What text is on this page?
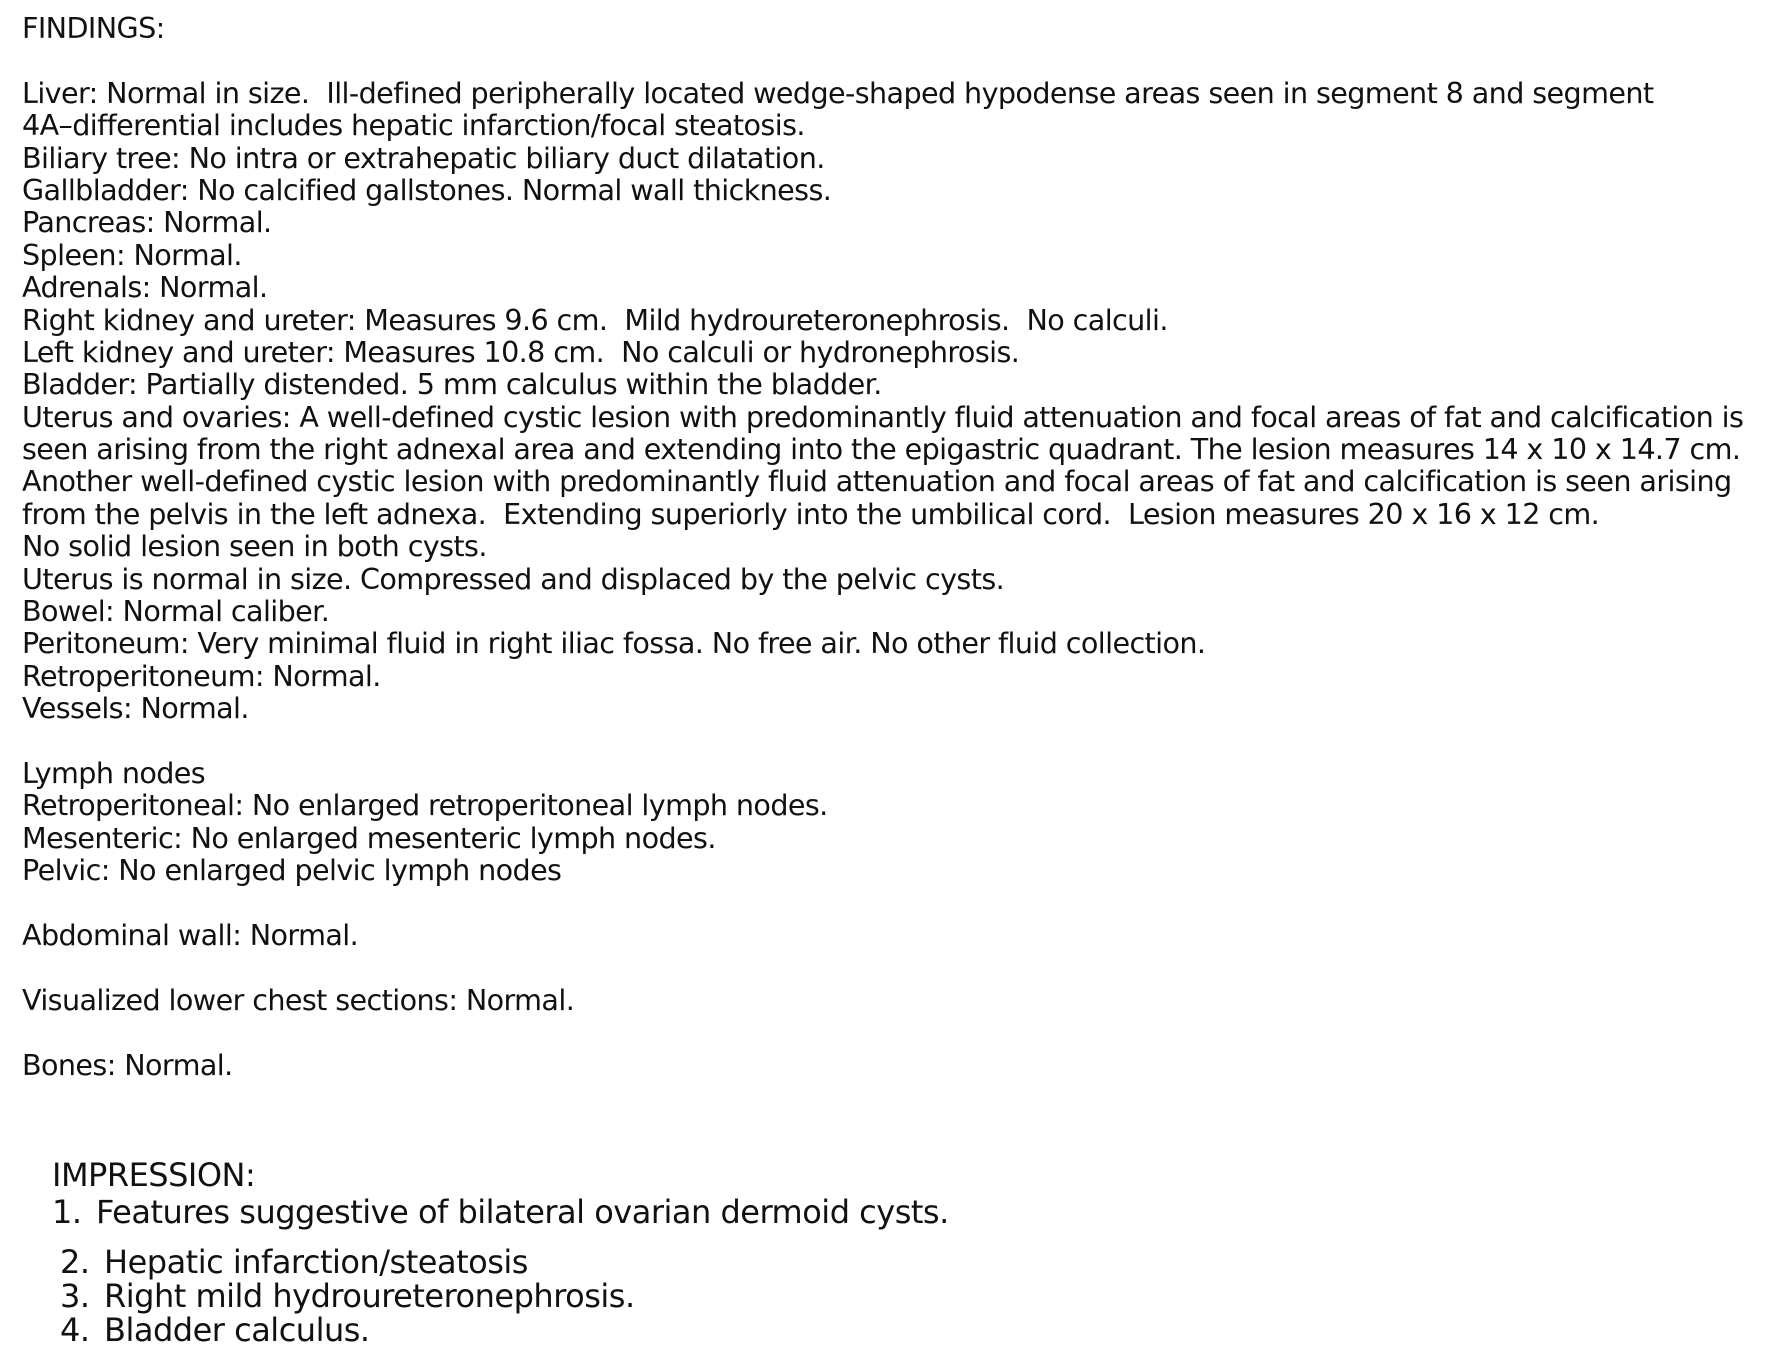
FINDINGS:
Liver: Normal in size.  Ill-defined peripherally located wedge-shaped hypodense areas seen in segment 8 and segment
4A–differential includes hepatic infarction/focal steatosis.
Biliary tree: No intra or extrahepatic biliary duct dilatation.
Gallbladder: No calcified gallstones. Normal wall thickness.
Pancreas: Normal.
Spleen: Normal.
Adrenals: Normal.
Right kidney and ureter: Measures 9.6 cm.  Mild hydroureteronephrosis.  No calculi.
Left kidney and ureter: Measures 10.8 cm.  No calculi or hydronephrosis.
Bladder: Partially distended. 5 mm calculus within the bladder.
Uterus and ovaries: A well-defined cystic lesion with predominantly fluid attenuation and focal areas of fat and calcification is
seen arising from the right adnexal area and extending into the epigastric quadrant. The lesion measures 14 x 10 x 14.7 cm.
Another well-defined cystic lesion with predominantly fluid attenuation and focal areas of fat and calcification is seen arising
from the pelvis in the left adnexa.  Extending superiorly into the umbilical cord.  Lesion measures 20 x 16 x 12 cm.
No solid lesion seen in both cysts.
Uterus is normal in size. Compressed and displaced by the pelvic cysts.
Bowel: Normal caliber.
Peritoneum: Very minimal fluid in right iliac fossa. No free air. No other fluid collection.
Retroperitoneum: Normal.
Vessels: Normal.
Lymph nodes
Retroperitoneal: No enlarged retroperitoneal lymph nodes.
Mesenteric: No enlarged mesenteric lymph nodes.
Pelvic: No enlarged pelvic lymph nodes
Abdominal wall: Normal.
Visualized lower chest sections: Normal.
Bones: Normal.
IMPRESSION:
1. Features suggestive of bilateral ovarian dermoid cysts.
2. Hepatic infarction/steatosis
3. Right mild hydroureteronephrosis.
4. Bladder calculus.
